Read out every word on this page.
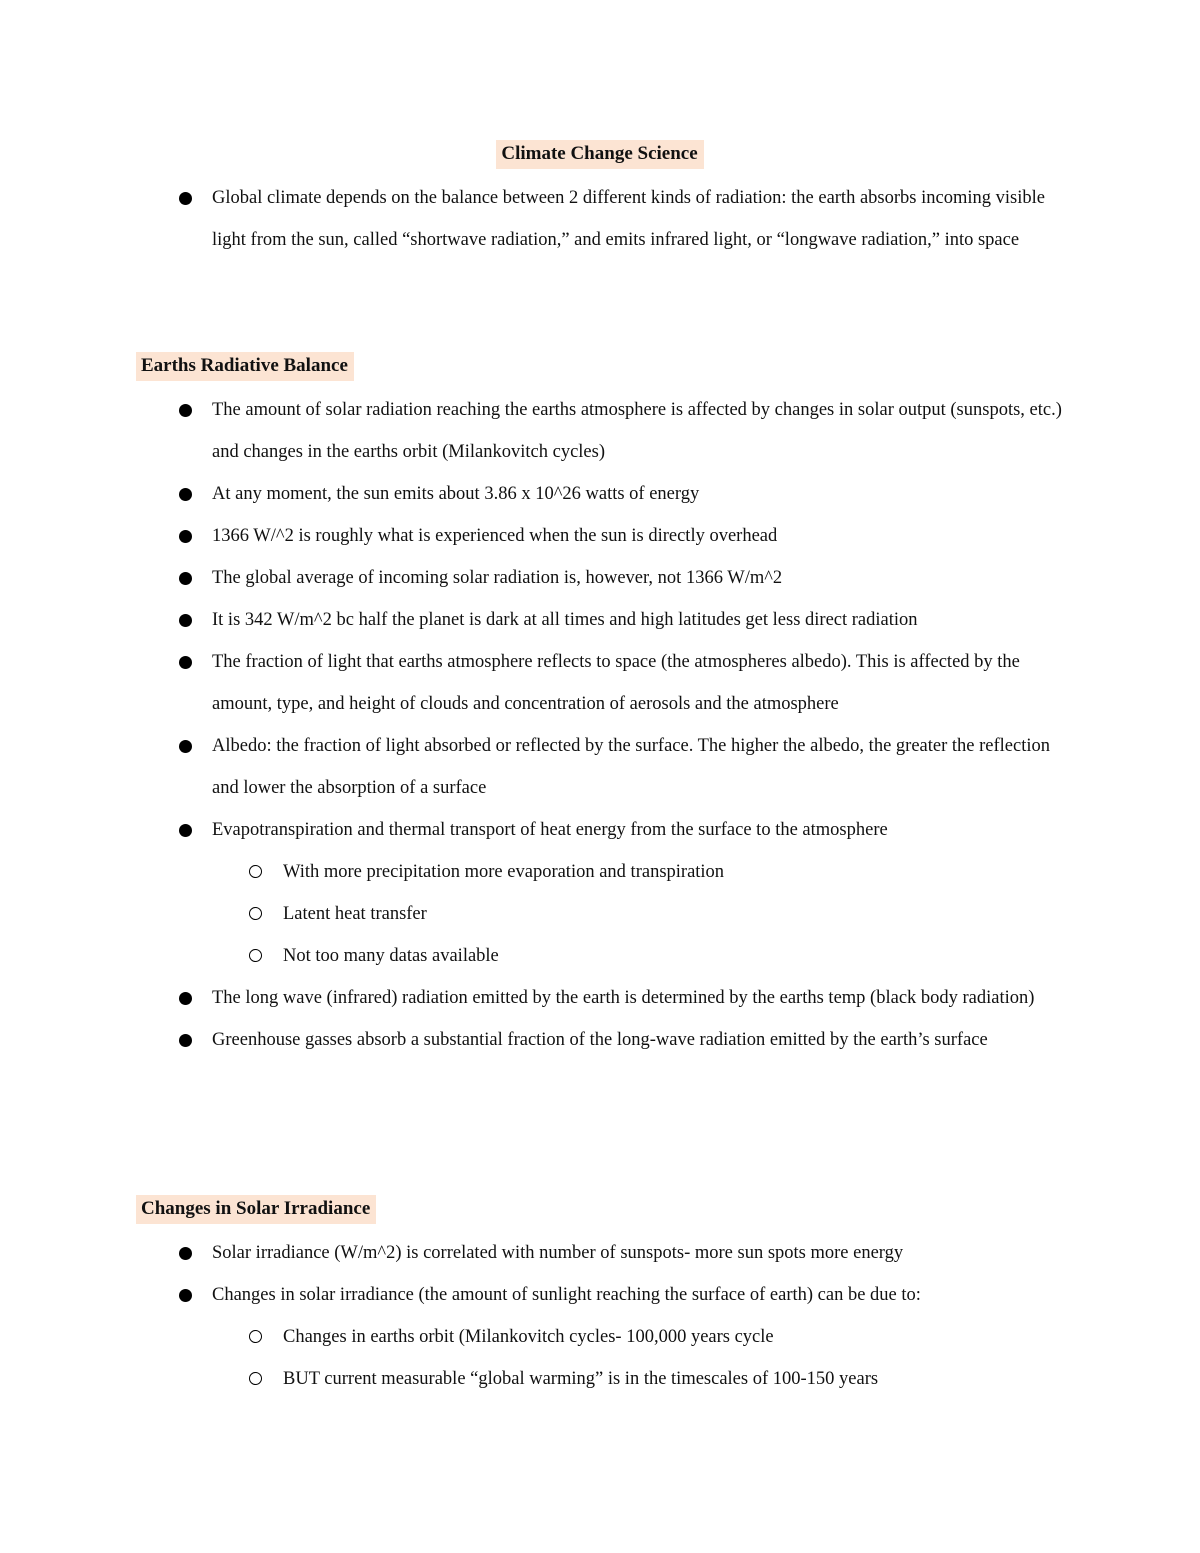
Climate Change Science
Global climate depends on the balance between 2 different kinds of radiation: the earth absorbs incoming visible light from the sun, called “shortwave radiation,” and emits infrared light, or “longwave radiation,” into space
Earths Radiative Balance
The amount of solar radiation reaching the earths atmosphere is affected by changes in solar output (sunspots, etc.) and changes in the earths orbit (Milankovitch cycles)
At any moment, the sun emits about 3.86 x 10^26 watts of energy
1366 W/^2 is roughly what is experienced when the sun is directly overhead
The global average of incoming solar radiation is, however, not 1366 W/m^2
It is 342 W/m^2 bc half the planet is dark at all times and high latitudes get less direct radiation
The fraction of light that earths atmosphere reflects to space (the atmospheres albedo). This is affected by the amount, type, and height of clouds and concentration of aerosols and the atmosphere
Albedo: the fraction of light absorbed or reflected by the surface. The higher the albedo, the greater the reflection and lower the absorption of a surface
Evapotranspiration and thermal transport of heat energy from the surface to the atmosphere
With more precipitation more evaporation and transpiration
Latent heat transfer
Not too many datas available
The long wave (infrared) radiation emitted by the earth is determined by the earths temp (black body radiation)
Greenhouse gasses absorb a substantial fraction of the long-wave radiation emitted by the earth’s surface
Changes in Solar Irradiance
Solar irradiance (W/m^2) is correlated with number of sunspots- more sun spots more energy
Changes in solar irradiance (the amount of sunlight reaching the surface of earth) can be due to:
Changes in earths orbit (Milankovitch cycles- 100,000 years cycle
BUT current measurable “global warming” is in the timescales of 100-150 years
